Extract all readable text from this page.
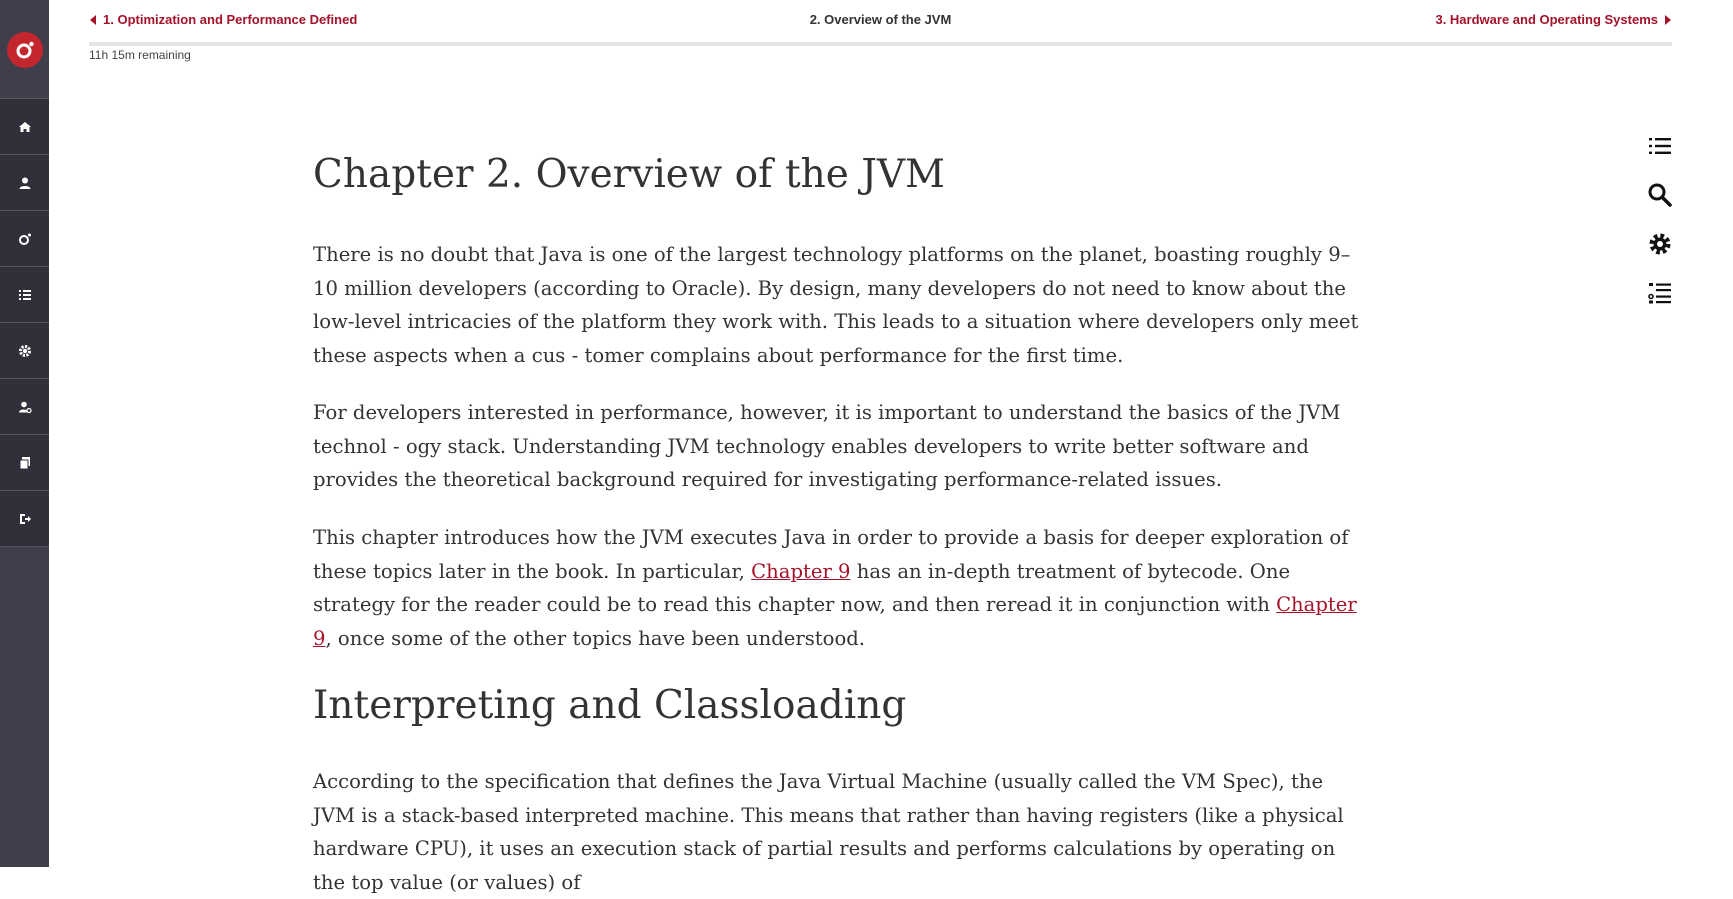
1. Optimization and Performance Defined	2. Overview of the JVM	3. Hardware and Operating Systems
11h 15m remaining
Chapter 2. Overview of the JVM

There is no doubt that Java is one of the largest technology platforms on the planet, boasting roughly 9–10 million developers (according to Oracle). By design, many developers do not need to know about the low-level intricacies of the platform they work with. This leads to a situation where developers only meet these aspects when a cus - tomer complains about performance for the first time.

For developers interested in performance, however, it is important to understand the basics of the JVM technol - ogy stack. Understanding JVM technology enables developers to write better software and provides the theoretical background required for investigating performance-related issues.

This chapter introduces how the JVM executes Java in order to provide a basis for deeper exploration of these topics later in the book. In particular, Chapter 9 has an in-depth treatment of bytecode. One strategy for the reader could be to read this chapter now, and then reread it in conjunction with Chapter 9, once some of the other topics have been understood.

Interpreting and Classloading

According to the specification that defines the Java Virtual Machine (usually called the VM Spec), the JVM is a stack-based interpreted machine. This means that rather than having registers (like a physical hardware CPU), it uses an execution stack of partial results and performs calculations by operating on the top value (or values) of
